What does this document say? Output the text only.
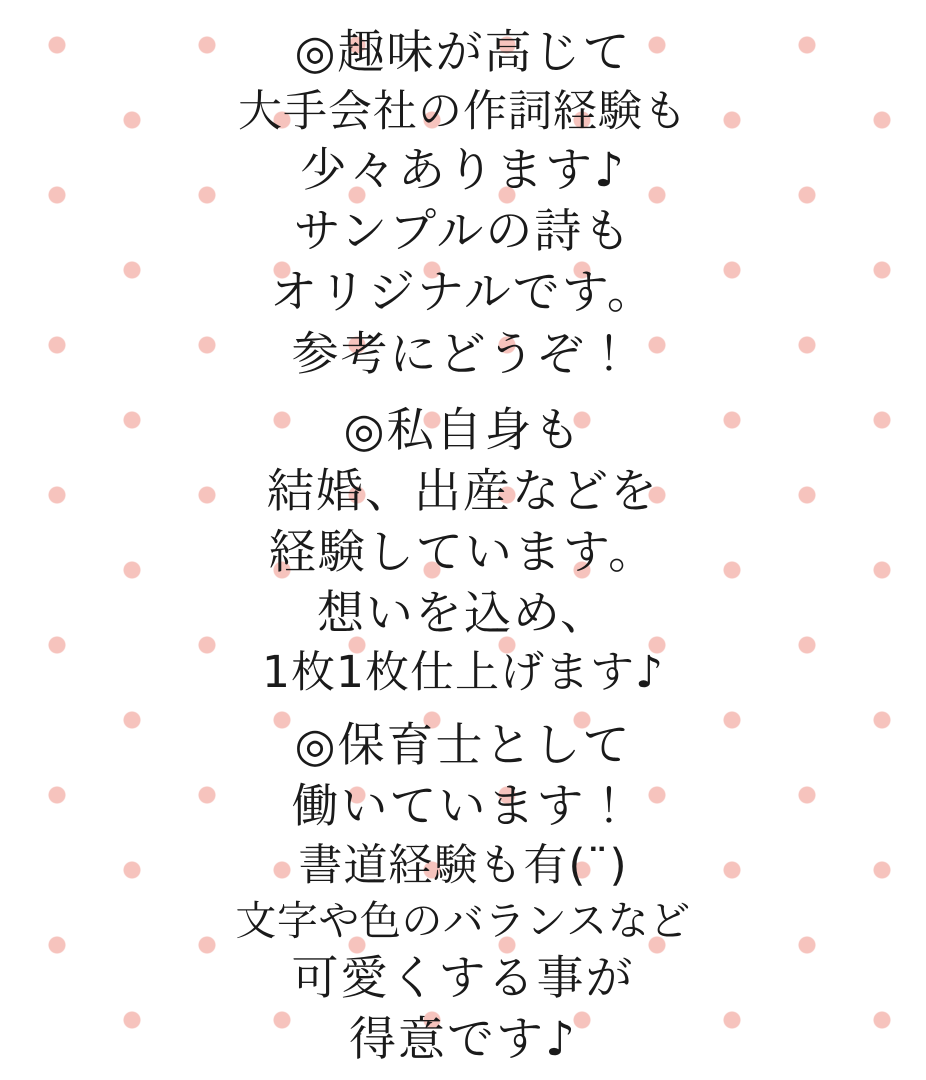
◎趣味が高じて
大手会社の作詞経験も
少々あります♪
サンプルの詩も
オリジナルです。
参考にどうぞ！
◎私自身も
結婚、出産などを
経験しています。
想いを込め、
1枚1枚仕上げます♪
◎保育士として
働いています！
書道経験も有(¨)
文字や色のバランスなど
可愛くする事が
得意です♪
